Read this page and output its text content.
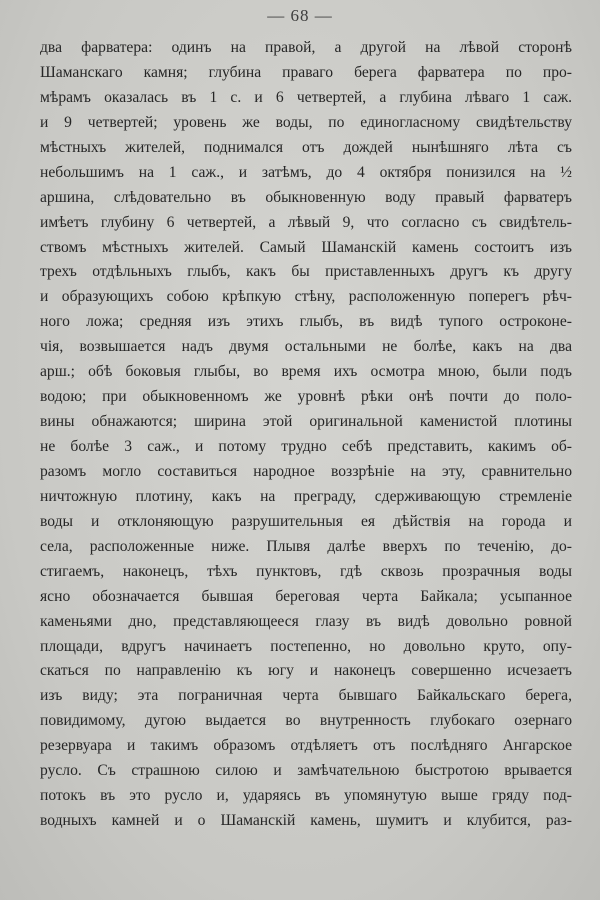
— 68 —
два фарватера: одинъ на правой, а другой на лѣвой сторонѣ
Шаманскаго камня; глубина праваго берега фарватера по про-
мѣрамъ оказалась въ 1 с. и 6 четвертей, а глубина лѣваго 1 саж.
и 9 четвертей; уровень же воды, по единогласному свидѣтельству
мѣстныхъ жителей, поднимался отъ дождей нынѣшняго лѣта съ
небольшимъ на 1 саж., и затѣмъ, до 4 октября понизился на ½
аршина, слѣдовательно въ обыкновенную воду правый фарватеръ
имѣетъ глубину 6 четвертей, а лѣвый 9, что согласно съ свидѣтель-
ствомъ мѣстныхъ жителей. Самый Шаманскій камень состоитъ изъ
трехъ отдѣльныхъ глыбъ, какъ бы приставленныхъ другъ къ другу
и образующихъ собою крѣпкую стѣну, расположенную поперегъ рѣч-
ного ложа; средняя изъ этихъ глыбъ, въ видѣ тупого остроконе-
чія, возвышается надъ двумя остальными не болѣе, какъ на два
арш.; обѣ боковыя глыбы, во время ихъ осмотра мною, были подъ
водою; при обыкновенномъ же уровнѣ рѣки онѣ почти до поло-
вины обнажаются; ширина этой оригинальной каменистой плотины
не болѣе 3 саж., и потому трудно себѣ представить, какимъ об-
разомъ могло составиться народное воззрѣніе на эту, сравнительно
ничтожную плотину, какъ на преграду, сдерживающую стремленіе
воды и отклоняющую разрушительныя ея дѣйствія на города и
села, расположенные ниже. Плывя далѣе вверхъ по теченію, до-
стигаемъ, наконецъ, тѣхъ пунктовъ, гдѣ сквозь прозрачныя воды
ясно обозначается бывшая береговая черта Байкала; усыпанное
каменьями дно, представляющееся глазу въ видѣ довольно ровной
площади, вдругъ начинаетъ постепенно, но довольно круто, опу-
скаться по направленію къ югу и наконецъ совершенно исчезаетъ
изъ виду; эта пограничная черта бывшаго Байкальскаго берега,
повидимому, дугою выдается во внутренность глубокаго озернаго
резервуара и такимъ образомъ отдѣляетъ отъ послѣдняго Ангарское
русло. Съ страшною силою и замѣчательною быстротою врывается
потокъ въ это русло и, ударяясь въ упомянутую выше гряду под-
водныхъ камней и о Шаманскій камень, шумитъ и клубится, раз-
